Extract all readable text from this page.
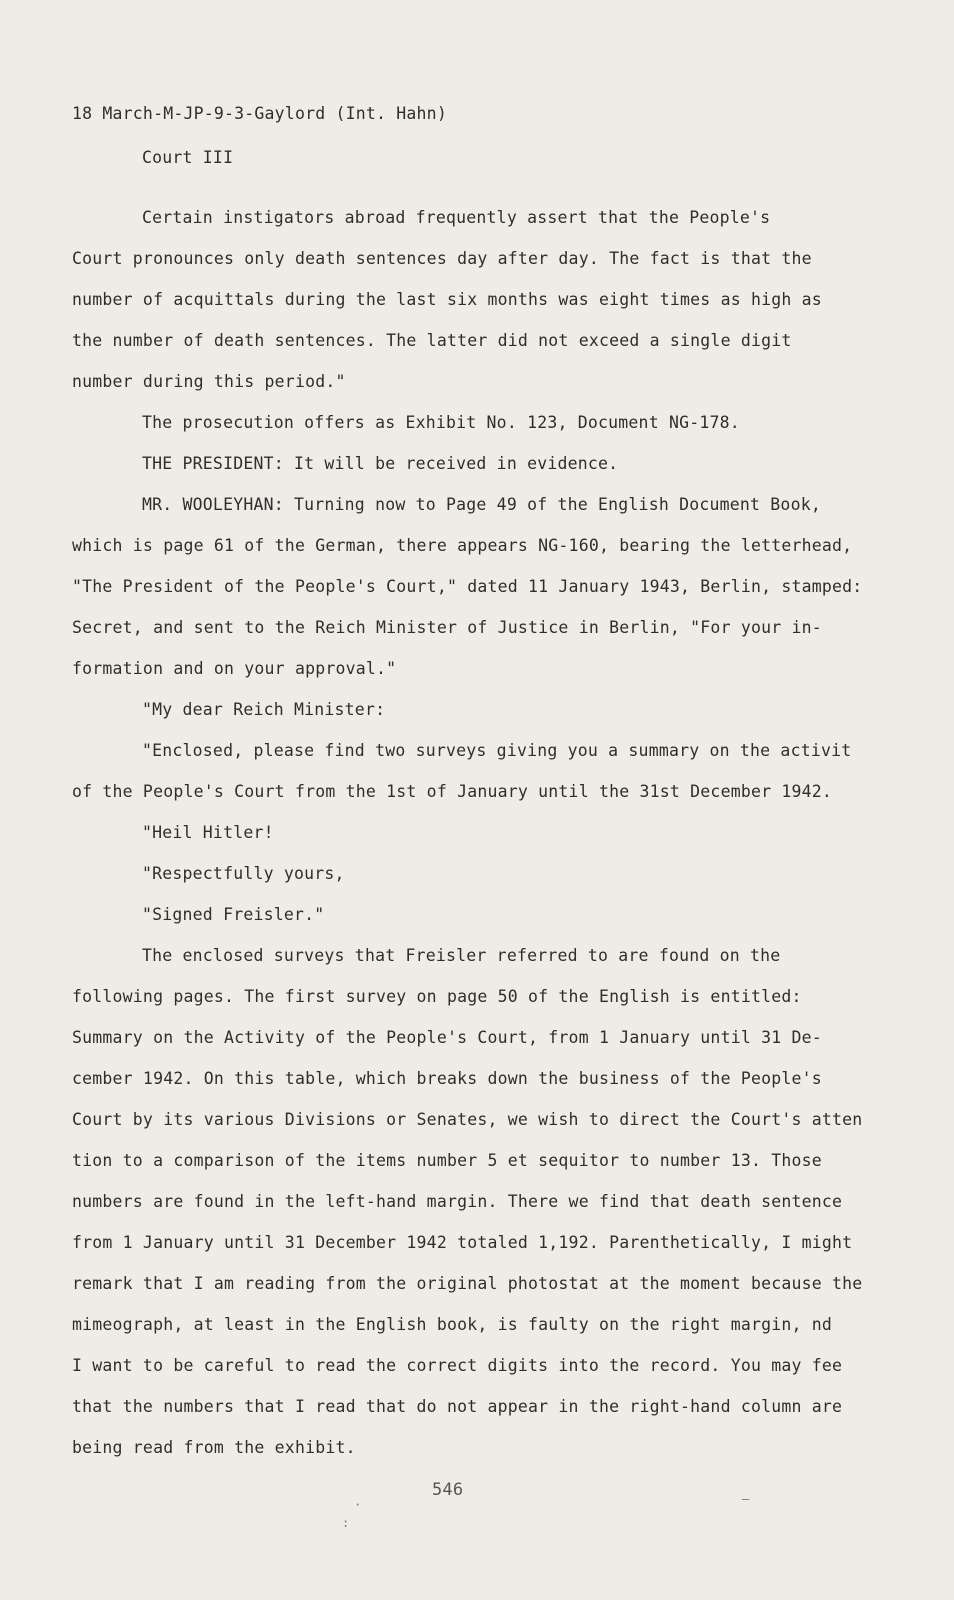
18 March-M-JP-9-3-Gaylord (Int. Hahn)
Court III
Certain instigators abroad frequently assert that the People's
Court pronounces only death sentences day after day. The fact is that the
number of acquittals during the last six months was eight times as high as
the number of death sentences. The latter did not exceed a single digit
number during this period."
The prosecution offers as Exhibit No. 123, Document NG-178.
THE PRESIDENT: It will be received in evidence.
MR. WOOLEYHAN: Turning now to Page 49 of the English Document Book,
which is page 61 of the German, there appears NG-160, bearing the letterhead,
"The President of the People's Court," dated 11 January 1943, Berlin, stamped:
Secret, and sent to the Reich Minister of Justice in Berlin, "For your in-
formation and on your approval."
"My dear Reich Minister:
"Enclosed, please find two surveys giving you a summary on the activit
of the People's Court from the 1st of January until the 31st December 1942.
"Heil Hitler!
"Respectfully yours,
"Signed Freisler."
The enclosed surveys that Freisler referred to are found on the
following pages. The first survey on page 50 of the English is entitled:
Summary on the Activity of the People's Court, from 1 January until 31 De-
cember 1942. On this table, which breaks down the business of the People's
Court by its various Divisions or Senates, we wish to direct the Court's atten
tion to a comparison of the items number 5 et sequitor to number 13. Those
numbers are found in the left-hand margin. There we find that death sentence
from 1 January until 31 December 1942 totaled 1,192. Parenthetically, I might
remark that I am reading from the original photostat at the moment because the
mimeograph, at least in the English book, is faulty on the right margin, nd
I want to be careful to read the correct digits into the record. You may fee
that the numbers that I read that do not appear in the right-hand column are
being read from the exhibit.
546
·
:
–
